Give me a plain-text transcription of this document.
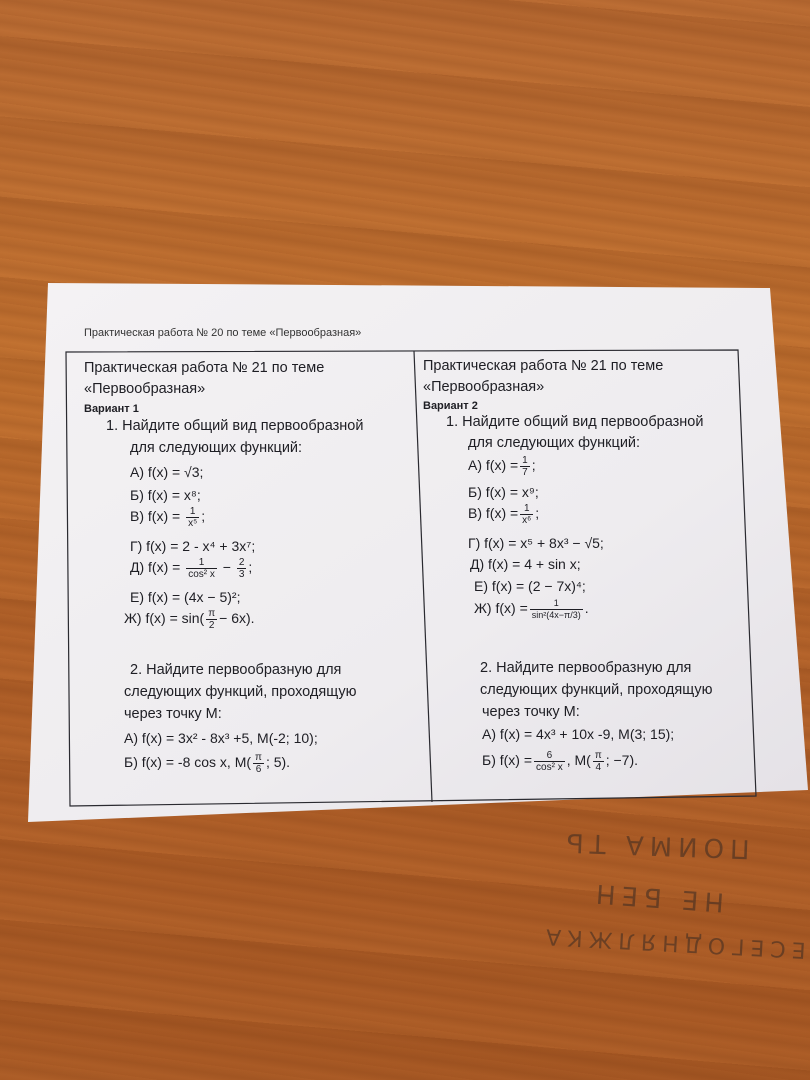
Практическая работа № 20 по теме «Первообразная»
Практическая работа № 21 по теме
«Первообразная»
Вариант 1
1. Найдите общий вид первообразной
для следующих функций:
А) f(x) = √3;
Б) f(x) = x⁸;
В) $f(x) = \frac{1}{\text{x⁵}}$ ;
Г) f(x) = 2 - x⁴ + 3x⁷;
Д) $f(x) = \frac{1}{\text{cos² x}} - \frac{2}{3}$ ;
Е) f(x) = (4x − 5)²;
Ж) $f(x) = \sin( \frac{\pi}{2} - 6x)$.
2. Найдите первообразную для
следующих функций, проходящую
через точку М:
А) f(x) = 3x² - 8x³ +5, М(-2; 10);
Б) f(x) = -8 cos x, $М( \frac{\pi}{6}$ ; 5).
Практическая работа № 21 по теме
«Первообразная»
Вариант 2
1. Найдите общий вид первообразной
для следующих функций:
А) $f(x) = \frac{1}{7}$ ;
Б) f(x) = x⁹;
В) $f(x) = \frac{1}{\text{x⁶}}$ ;
Г) f(x) = x⁵ + 8x³ − √5;
Д) f(x) = 4 + sin x;
Е) f(x) = (2 − 7x)⁴;
Ж) $f(x) = \frac{1}{\text{sin²(4x−π/3)}}$ .
2. Найдите первообразную для
следующих функций, проходящую
через точку М:
А) f(x) = 4x³ + 10x -9, М(3; 15);
Б) $f(x) = \frac{6}{\text{cos² x}}$ , $М( \frac{\pi}{4}$ ; −7).
ПОИМА ТЬ
НЕ БЕН
ЕСЕГОДНЯЛЖКА
